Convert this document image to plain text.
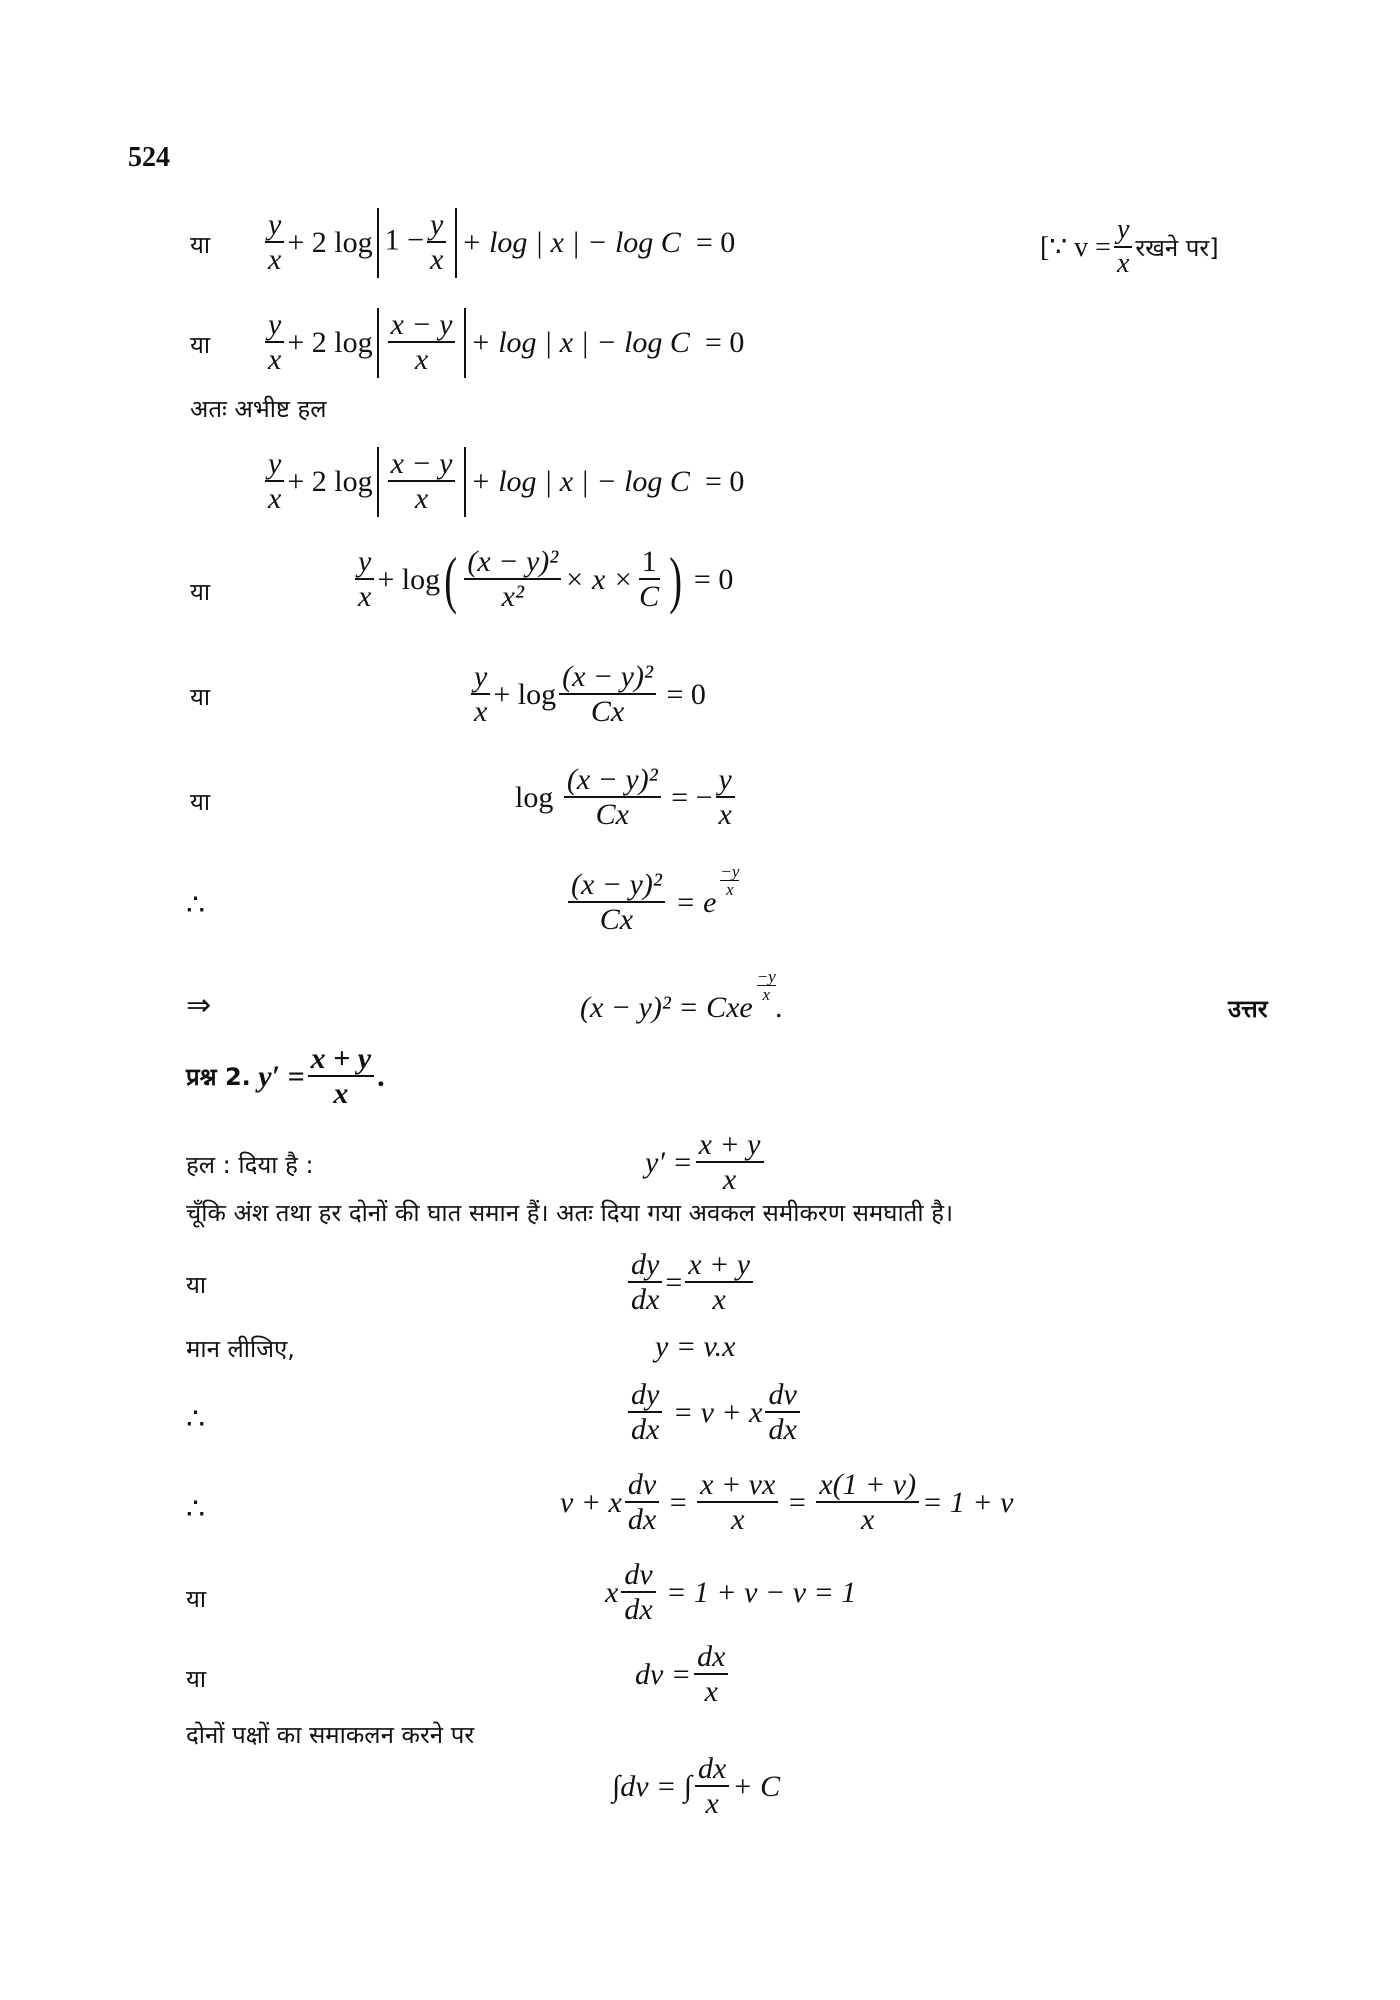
524
या $\frac{y}{x} + 2$ $\log 1 - \frac{y}{x} + \log$ | x | − log C
= 0	[∵ $v = \frac{y}{x}$ रखने पर]
या $\frac{y}{x} + 2$ $\log \frac{x - y}{x} + \log$ | x | − log C
= 0
अतः अभीष्ट हल
$\frac{y}{x} + 2$ $\log \frac{x - y}{x} + \log$ | x | − log C
= 0
या	$\frac{y}{x} + \log$ ( $\frac{\text{(x − y)²}}{\text{x²}} \times x \times \frac{1}{C}$ )
= 0
या	$\frac{y}{x} + \log \frac{\text{(x − y)²}}{Cx}$
= 0
या	log
$\frac{\text{(x − y)²}}{Cx}$
= − $\frac{y}{x}$
∴	$\frac{\text{(x − y)²}}{Cx}$
= e
$\frac{-y}{x}$
⇒	(x − y)² = Cxe
$\frac{-y}{x}$
.	उत्तर
प्रश्न 2.
$y' = \frac{x + y}{x}$ .
हल : दिया है :	$y' = \frac{x + y}{x}$
चूँकि अंश तथा हर दोनों की घात समान हैं। अतः दिया गया अवकल समीकरण समघाती है।
या	$\frac{dy}{dx} = \frac{x + y}{x}$
मान लीजिए,	y = v.x
∴	$\frac{dy}{dx}$
= v + x $\frac{dv}{dx}$
∴	v + x $\frac{dv}{dx}$
=
$\frac{x + vx}{x}$
=
$\frac{x(1 + v)}{x} = 1 + v$
या	x $\frac{dv}{dx}$
= 1 + v − v = 1
या	dv = $\frac{dx}{x}$
दोनों पक्षों का समाकलन करने पर
∫dv = ∫ $\frac{dx}{x} + C$
